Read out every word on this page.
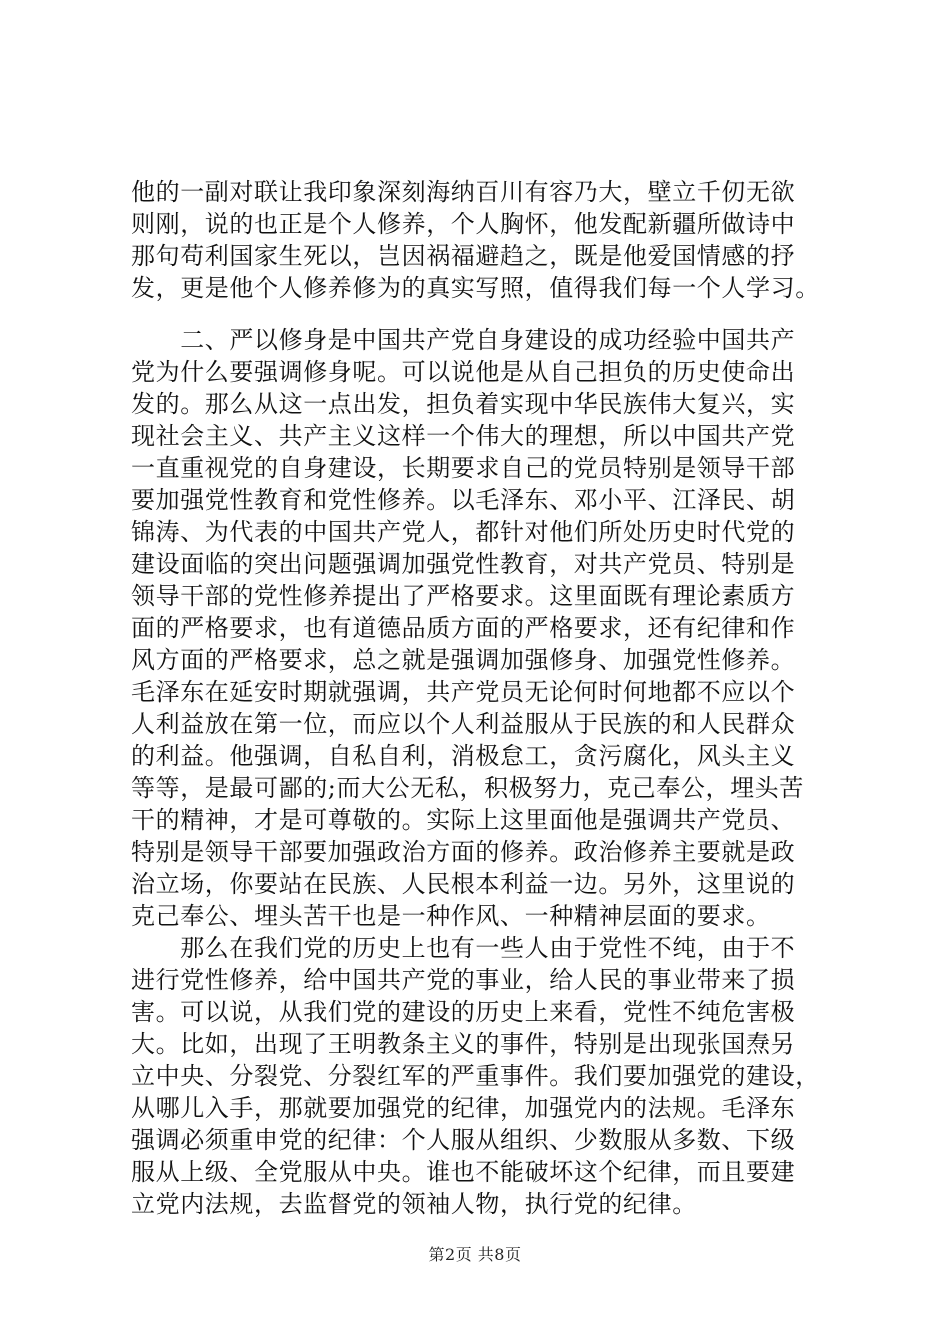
他的一副对联让我印象深刻海纳百川有容乃大，壁立千仞无欲
则刚，说的也正是个人修养，个人胸怀，他发配新疆所做诗中
那句苟利国家生死以，岂因祸福避趋之，既是他爱国情感的抒
发，更是他个人修养修为的真实写照，值得我们每一个人学习。
　　二、严以修身是中国共产党自身建设的成功经验中国共产
党为什么要强调修身呢。可以说他是从自己担负的历史使命出
发的。那么从这一点出发，担负着实现中华民族伟大复兴，实
现社会主义、共产主义这样一个伟大的理想，所以中国共产党
一直重视党的自身建设，长期要求自己的党员特别是领导干部
要加强党性教育和党性修养。以毛泽东、邓小平、江泽民、胡
锦涛、为代表的中国共产党人，都针对他们所处历史时代党的
建设面临的突出问题强调加强党性教育，对共产党员、特别是
领导干部的党性修养提出了严格要求。这里面既有理论素质方
面的严格要求，也有道德品质方面的严格要求，还有纪律和作
风方面的严格要求，总之就是强调加强修身、加强党性修养。
毛泽东在延安时期就强调，共产党员无论何时何地都不应以个
人利益放在第一位，而应以个人利益服从于民族的和人民群众
的利益。他强调，自私自利，消极怠工，贪污腐化，风头主义
等等，是最可鄙的;而大公无私，积极努力，克己奉公，埋头苦
干的精神，才是可尊敬的。实际上这里面他是强调共产党员、
特别是领导干部要加强政治方面的修养。政治修养主要就是政
治立场，你要站在民族、人民根本利益一边。另外，这里说的
克己奉公、埋头苦干也是一种作风、一种精神层面的要求。
　　那么在我们党的历史上也有一些人由于党性不纯，由于不
进行党性修养，给中国共产党的事业，给人民的事业带来了损
害。可以说，从我们党的建设的历史上来看，党性不纯危害极
大。比如，出现了王明教条主义的事件，特别是出现张国焘另
立中央、分裂党、分裂红军的严重事件。我们要加强党的建设，
从哪儿入手，那就要加强党的纪律，加强党内的法规。毛泽东
强调必须重申党的纪律：个人服从组织、少数服从多数、下级
服从上级、全党服从中央。谁也不能破坏这个纪律，而且要建
立党内法规，去监督党的领袖人物，执行党的纪律。
第2页 共8页
